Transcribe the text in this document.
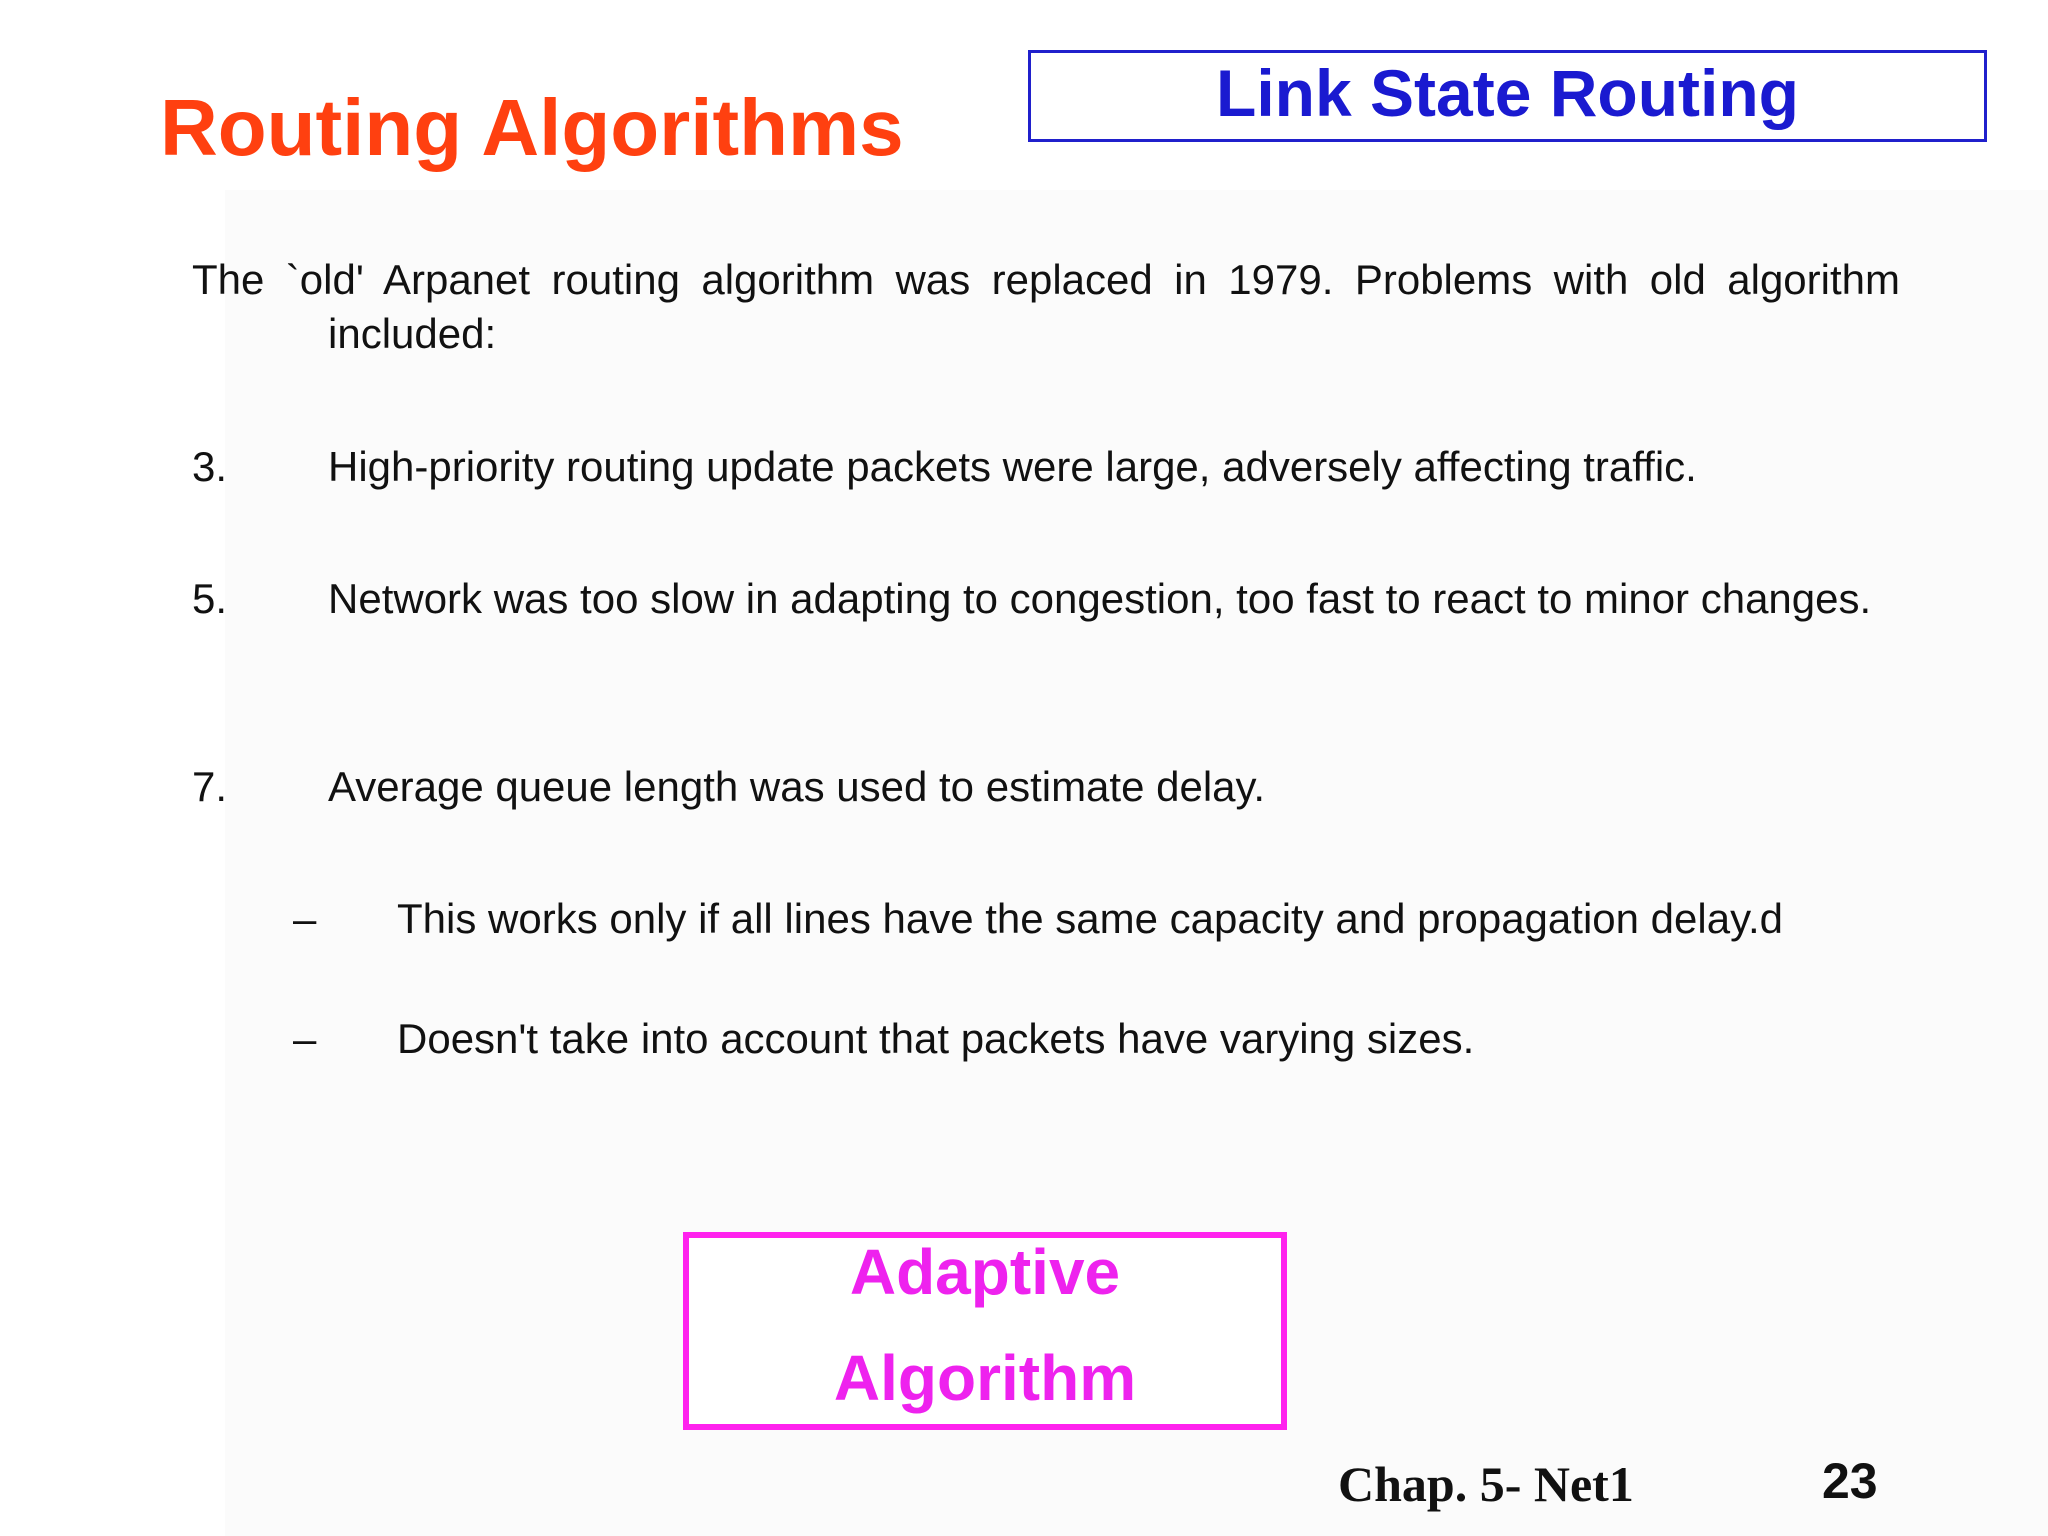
Routing Algorithms	Link State Routing
The `old' Arpanet routing algorithm was replaced in 1979. Problems with old algorithm included:
3. High-priority routing update packets were large, adversely affecting traffic.
5. Network was too slow in adapting to congestion, too fast to react to minor changes.
7. Average queue length was used to estimate delay.
– This works only if all lines have the same capacity and propagation delay.d
– Doesn't take into account that packets have varying sizes.
Adaptive
Algorithm
Chap. 5- Net1	23
